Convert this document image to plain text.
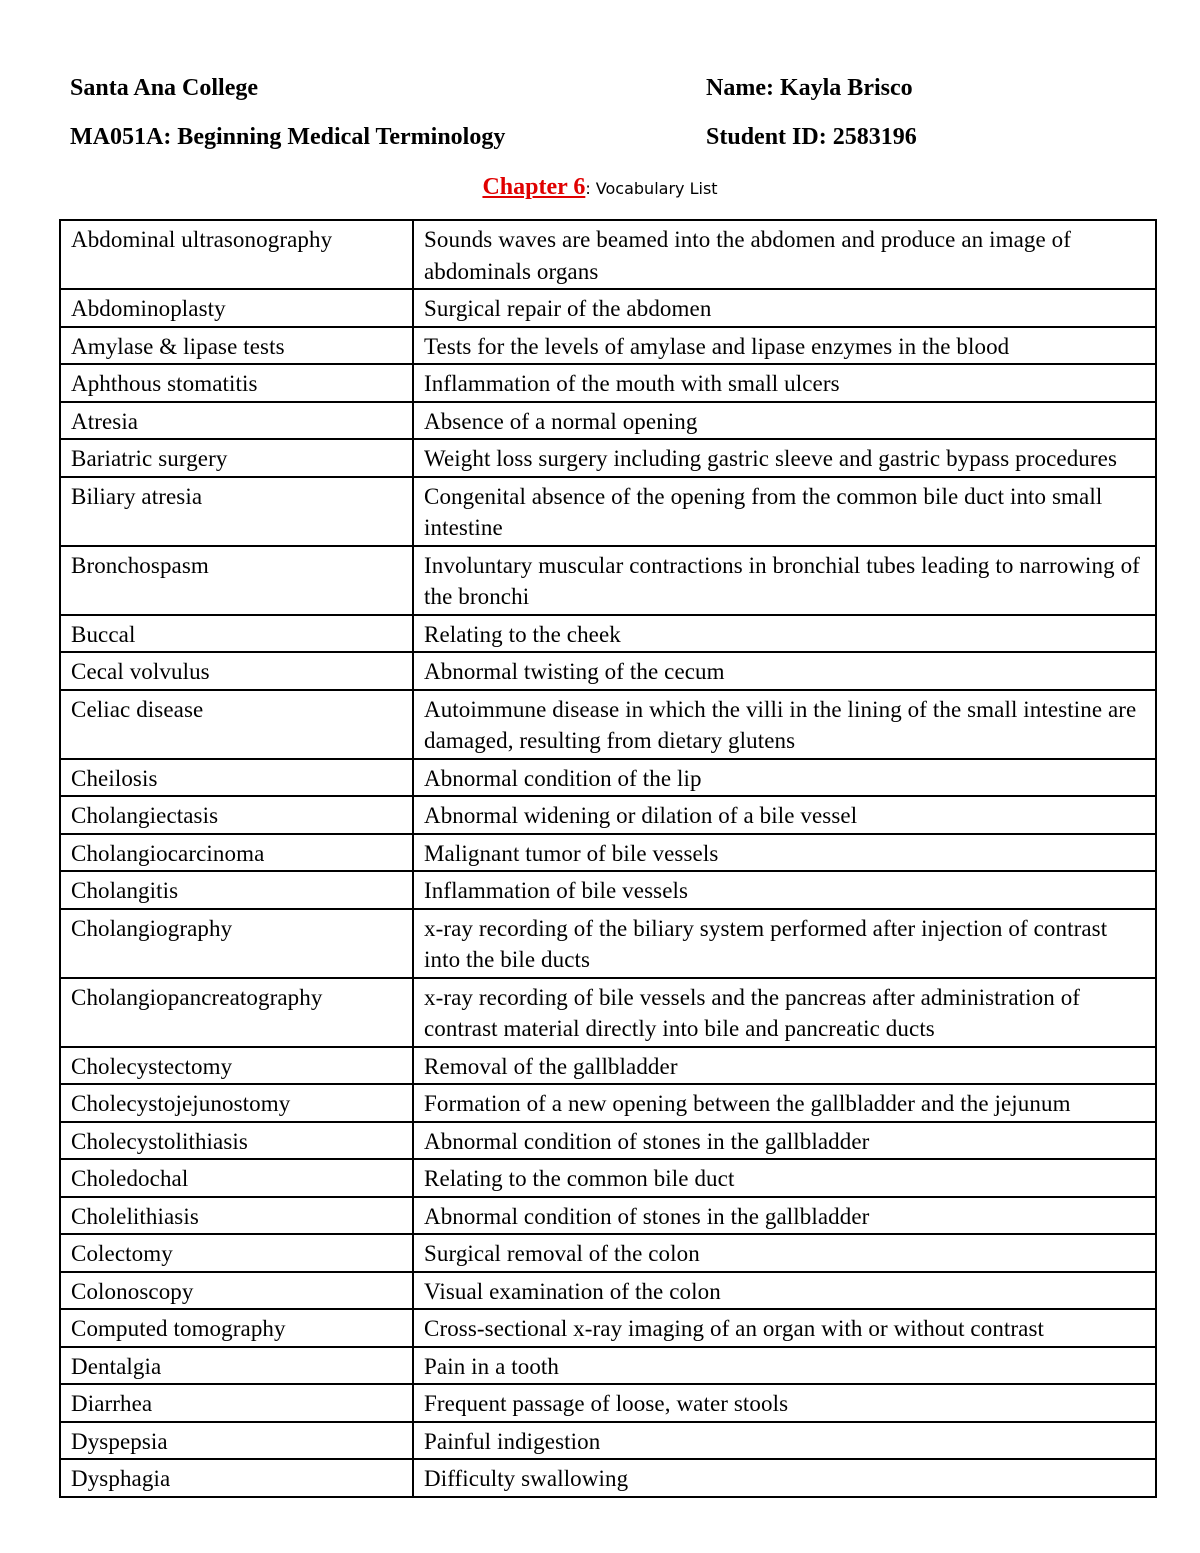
Santa Ana College	Name: Kayla Brisco
MA051A: Beginning Medical Terminology	Student ID: 2583196
Chapter 6: Vocabulary List
Abdominal ultrasonography	Sounds waves are beamed into the abdomen and produce an image of abdominals organs
Abdominoplasty	Surgical repair of the abdomen
Amylase & lipase tests	Tests for the levels of amylase and lipase enzymes in the blood
Aphthous stomatitis	Inflammation of the mouth with small ulcers
Atresia	Absence of a normal opening
Bariatric surgery	Weight loss surgery including gastric sleeve and gastric bypass procedures
Biliary atresia	Congenital absence of the opening from the common bile duct into small intestine
Bronchospasm	Involuntary muscular contractions in bronchial tubes leading to narrowing of the bronchi
Buccal	Relating to the cheek
Cecal volvulus	Abnormal twisting of the cecum
Celiac disease	Autoimmune disease in which the villi in the lining of the small intestine are damaged, resulting from dietary glutens
Cheilosis	Abnormal condition of the lip
Cholangiectasis	Abnormal widening or dilation of a bile vessel
Cholangiocarcinoma	Malignant tumor of bile vessels
Cholangitis	Inflammation of bile vessels
Cholangiography	x-ray recording of the biliary system performed after injection of contrast into the bile ducts
Cholangiopancreatography	x-ray recording of bile vessels and the pancreas after administration of contrast material directly into bile and pancreatic ducts
Cholecystectomy	Removal of the gallbladder
Cholecystojejunostomy	Formation of a new opening between the gallbladder and the jejunum
Cholecystolithiasis	Abnormal condition of stones in the gallbladder
Choledochal	Relating to the common bile duct
Cholelithiasis	Abnormal condition of stones in the gallbladder
Colectomy	Surgical removal of the colon
Colonoscopy	Visual examination of the colon
Computed tomography	Cross-sectional x-ray imaging of an organ with or without contrast
Dentalgia	Pain in a tooth
Diarrhea	Frequent passage of loose, water stools
Dyspepsia	Painful indigestion
Dysphagia	Difficulty swallowing
